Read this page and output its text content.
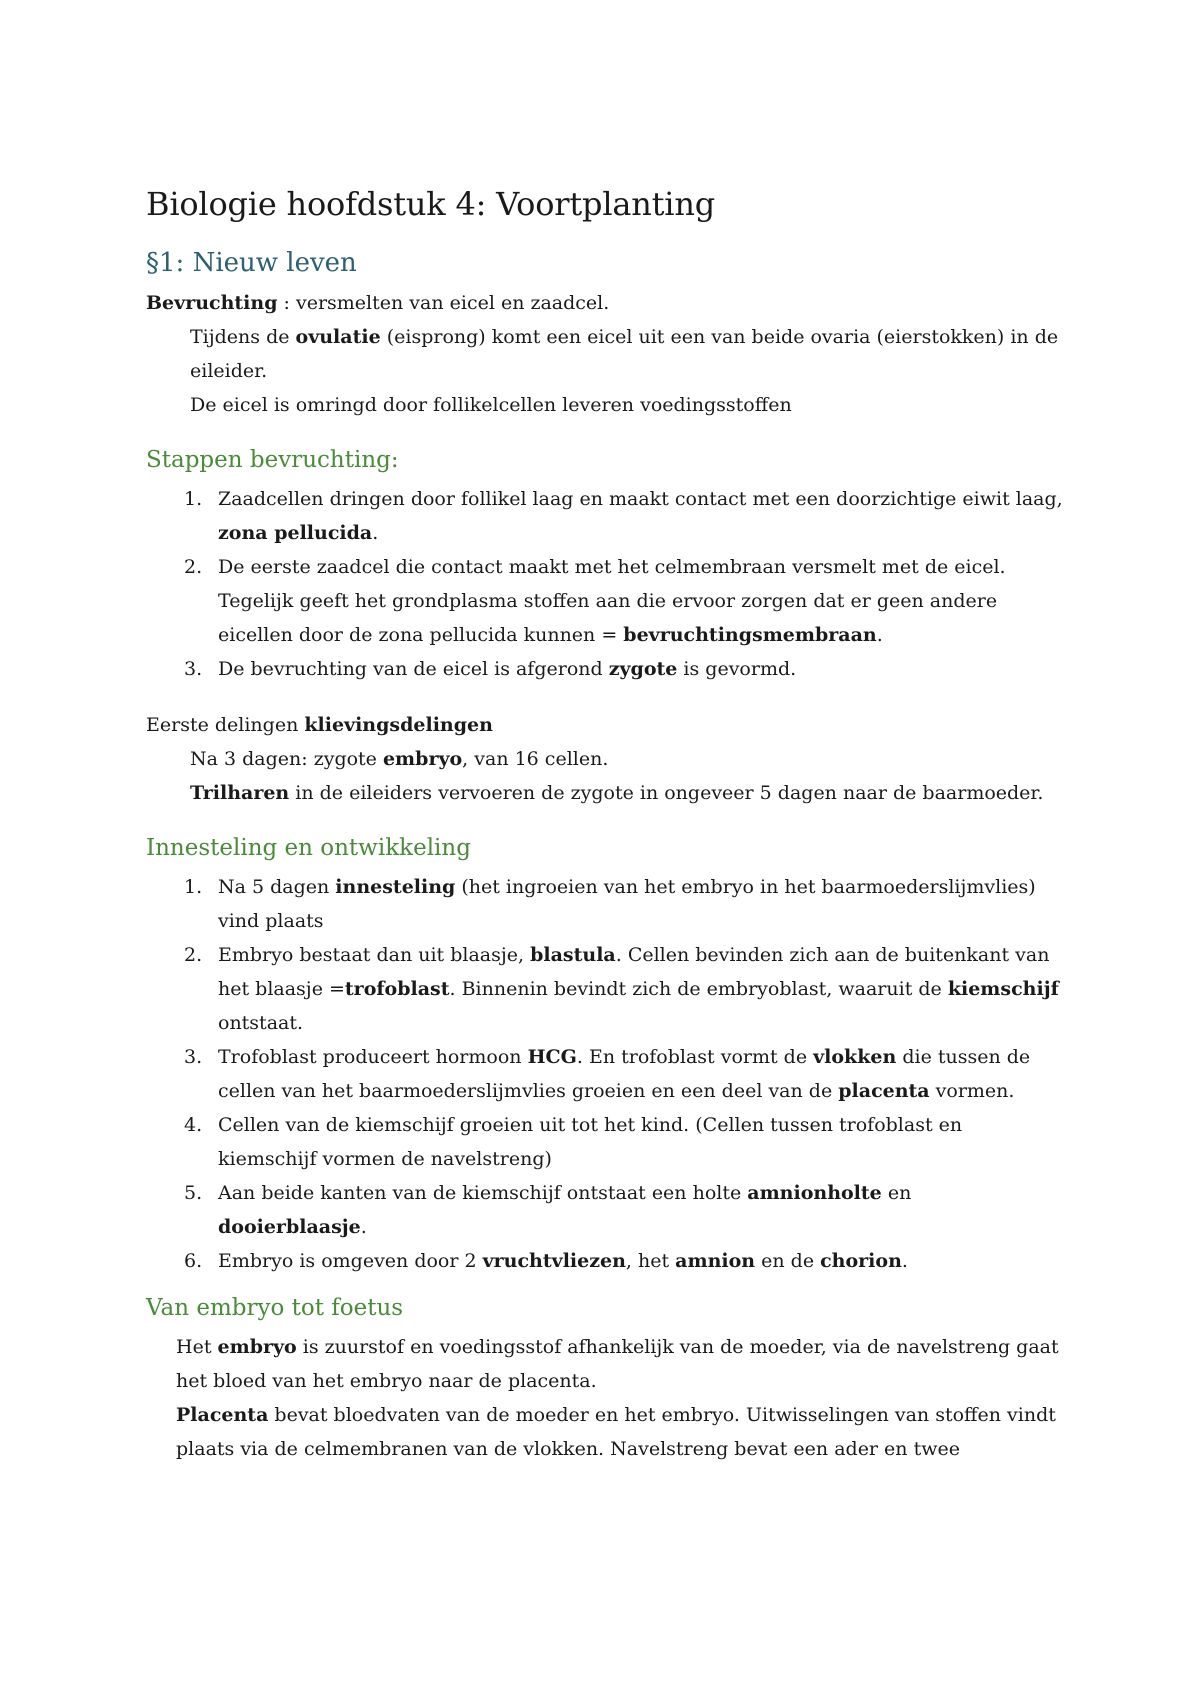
Biologie hoofdstuk 4: Voortplanting
§1: Nieuw leven

Bevruchting : versmelten van eicel en zaadcel.

Tijdens de ovulatie (eisprong) komt een eicel uit een van beide ovaria (eierstokken) in de eileider.

De eicel is omringd door follikelcellen leveren voedingsstoffen

Stappen bevruchting:
1. Zaadcellen dringen door follikel laag en maakt contact met een doorzichtige eiwit laag, zona pellucida.
2. De eerste zaadcel die contact maakt met het celmembraan versmelt met de eicel. Tegelijk geeft het grondplasma stoffen aan die ervoor zorgen dat er geen andere eicellen door de zona pellucida kunnen = bevruchtingsmembraan.
3. De bevruchting van de eicel is afgerond zygote is gevormd.

Eerste delingen klievingsdelingen

Na 3 dagen: zygote embryo, van 16 cellen.

Trilharen in de eileiders vervoeren de zygote in ongeveer 5 dagen naar de baarmoeder.

Innesteling en ontwikkeling
1. Na 5 dagen innesteling (het ingroeien van het embryo in het baarmoederslijmvlies) vind plaats
2. Embryo bestaat dan uit blaasje, blastula. Cellen bevinden zich aan de buitenkant van het blaasje =trofoblast. Binnenin bevindt zich de embryoblast, waaruit de kiemschijf ontstaat.
3. Trofoblast produceert hormoon HCG. En trofoblast vormt de vlokken die tussen de cellen van het baarmoederslijmvlies groeien en een deel van de placenta vormen.
4. Cellen van de kiemschijf groeien uit tot het kind. (Cellen tussen trofoblast en kiemschijf vormen de navelstreng)
5. Aan beide kanten van de kiemschijf ontstaat een holte amnionholte en dooierblaasje.
6. Embryo is omgeven door 2 vruchtvliezen, het amnion en de chorion.
Van embryo tot foetus

Het embryo is zuurstof en voedingsstof afhankelijk van de moeder, via de navelstreng gaat het bloed van het embryo naar de placenta.

Placenta bevat bloedvaten van de moeder en het embryo. Uitwisselingen van stoffen vindt plaats via de celmembranen van de vlokken. Navelstreng bevat een ader en twee
